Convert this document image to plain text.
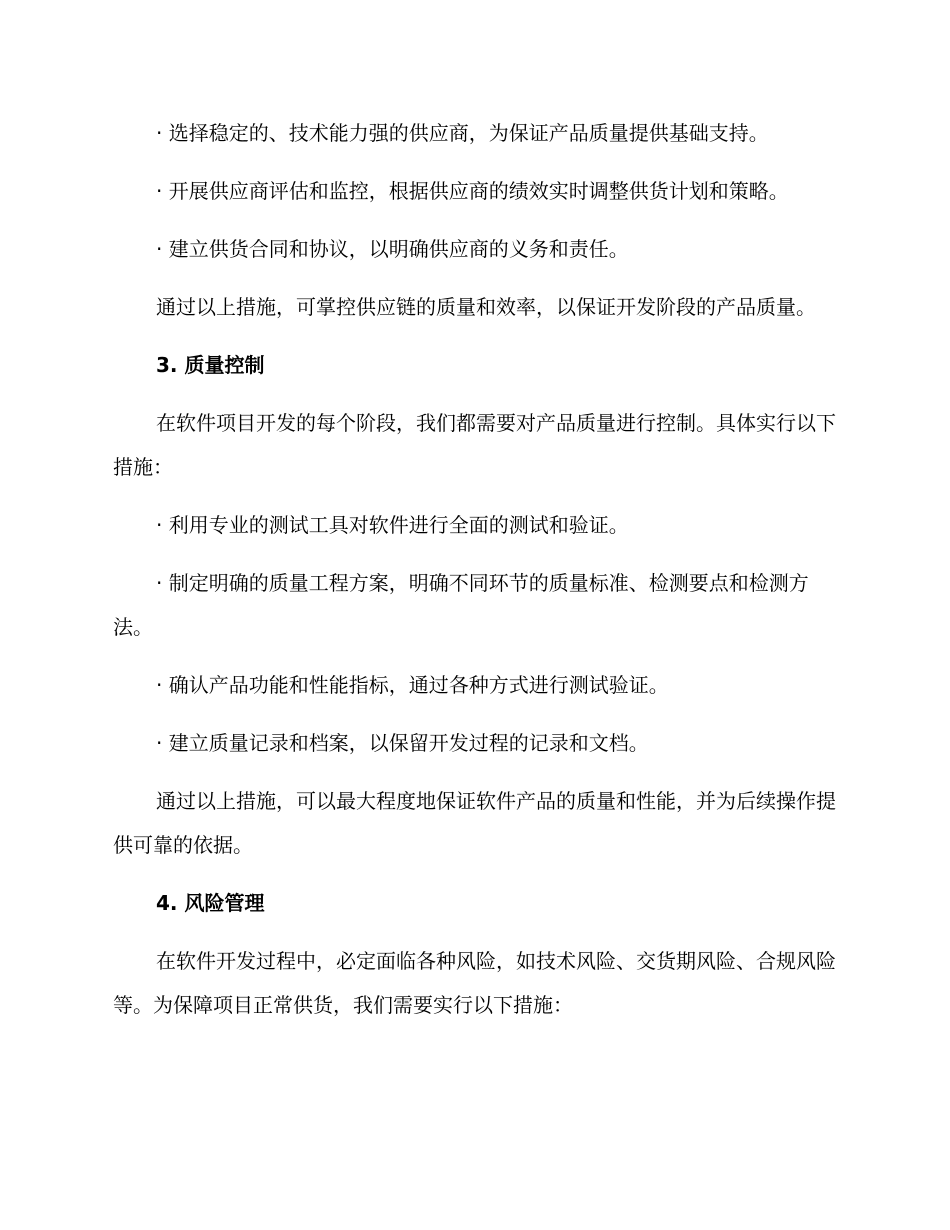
· 选择稳定的、技术能力强的供应商，为保证产品质量提供基础支持。

· 开展供应商评估和监控，根据供应商的绩效实时调整供货计划和策略。

· 建立供货合同和协议，以明确供应商的义务和责任。

通过以上措施，可掌控供应链的质量和效率，以保证开发阶段的产品质量。

3. 质量控制

在软件项目开发的每个阶段，我们都需要对产品质量进行控制。具体实行以下措施：

· 利用专业的测试工具对软件进行全面的测试和验证。

· 制定明确的质量工程方案，明确不同环节的质量标准、检测要点和检测方法。

· 确认产品功能和性能指标，通过各种方式进行测试验证。

· 建立质量记录和档案，以保留开发过程的记录和文档。

通过以上措施，可以最大程度地保证软件产品的质量和性能，并为后续操作提供可靠的依据。

4. 风险管理

在软件开发过程中，必定面临各种风险，如技术风险、交货期风险、合规风险等。为保障项目正常供货，我们需要实行以下措施：
